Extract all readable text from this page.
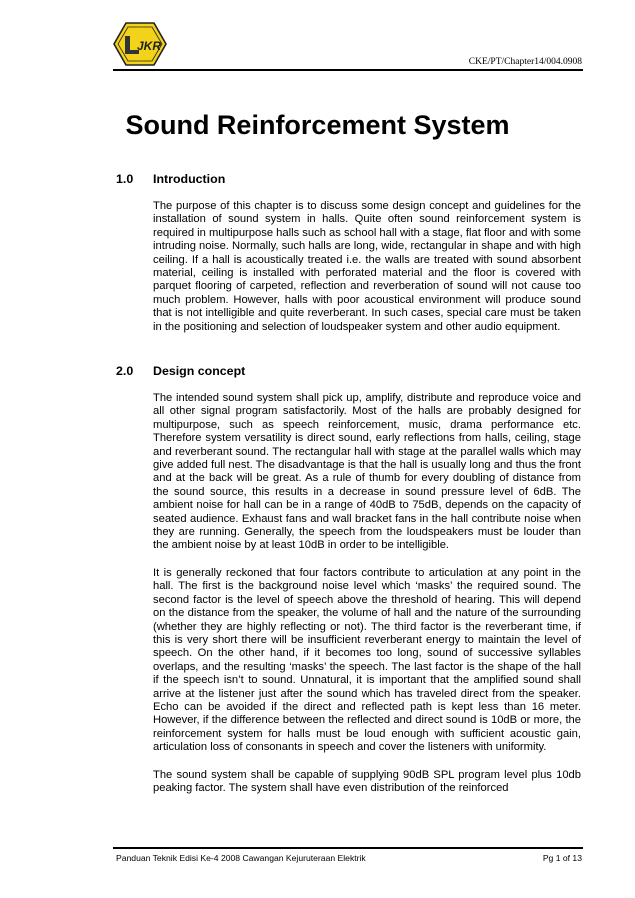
JKR
CKE/PT/Chapter14/004.0908
Sound Reinforcement System
1.0 Introduction

The purpose of this chapter is to discuss some design concept and guidelines for the installation of sound system in halls. Quite often sound reinforcement system is required in multipurpose halls such as school hall with a stage, flat floor and with some intruding noise. Normally, such halls are long, wide, rectangular in shape and with high ceiling. If a hall is acoustically treated i.e. the walls are treated with sound absorbent material, ceiling is installed with perforated material and the floor is covered with parquet flooring of carpeted, reflection and reverberation of sound will not cause too much problem. However, halls with poor acoustical environment will produce sound that is not intelligible and quite reverberant. In such cases, special care must be taken in the positioning and selection of loudspeaker system and other audio equipment.

2.0 Design concept

The intended sound system shall pick up, amplify, distribute and reproduce voice and all other signal program satisfactorily. Most of the halls are probably designed for multipurpose, such as speech reinforcement, music, drama performance etc. Therefore system versatility is direct sound, early reflections from halls, ceiling, stage and reverberant sound. The rectangular hall with stage at the parallel walls which may give added full nest. The disadvantage is that the hall is usually long and thus the front and at the back will be great. As a rule of thumb for every doubling of distance from the sound source, this results in a decrease in sound pressure level of 6dB. The ambient noise for hall can be in a range of 40dB to 75dB, depends on the capacity of seated audience. Exhaust fans and wall bracket fans in the hall contribute noise when they are running. Generally, the speech from the loudspeakers must be louder than the ambient noise by at least 10dB in order to be intelligible.

It is generally reckoned that four factors contribute to articulation at any point in the hall. The first is the background noise level which ‘masks’ the required sound. The second factor is the level of speech above the threshold of hearing. This will depend on the distance from the speaker, the volume of hall and the nature of the surrounding (whether they are highly reflecting or not). The third factor is the reverberant time, if this is very short there will be insufficient reverberant energy to maintain the level of speech. On the other hand, if it becomes too long, sound of successive syllables overlaps, and the resulting ‘masks’ the speech. The last factor is the shape of the hall if the speech isn’t to sound. Unnatural, it is important that the amplified sound shall arrive at the listener just after the sound which has traveled direct from the speaker. Echo can be avoided if the direct and reflected path is kept less than 16 meter. However, if the difference between the reflected and direct sound is 10dB or more, the reinforcement system for halls must be loud enough with sufficient acoustic gain, articulation loss of consonants in speech and cover the listeners with uniformity.

The sound system shall be capable of supplying 90dB SPL program level plus 10db peaking factor. The system shall have even distribution of the reinforced

Panduan Teknik Edisi Ke-4 2008 Cawangan Kejuruteraan Elektrik	Pg 1 of 13
